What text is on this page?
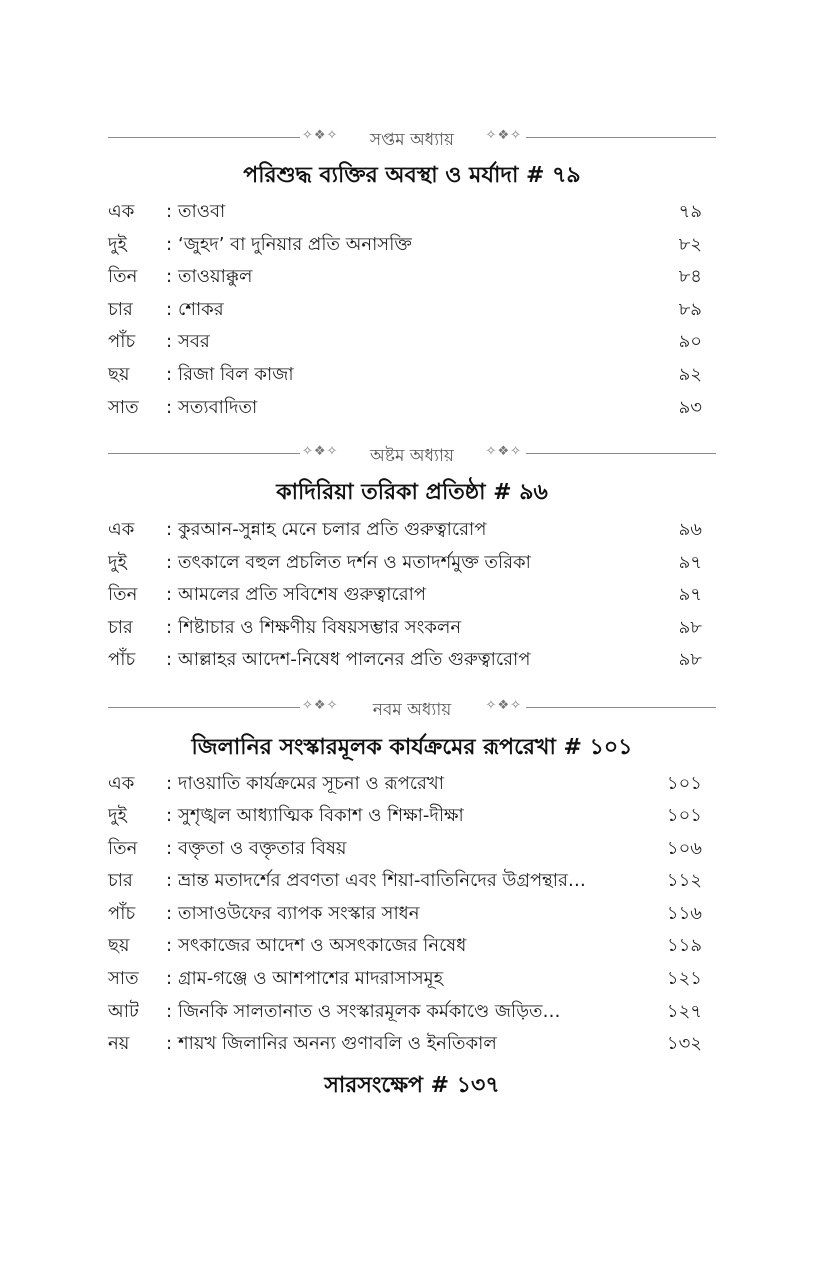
✧❖✧	সপ্তম অধ্যায়	✧❖✧
পরিশুদ্ধ ব্যক্তির অবস্থা ও মর্যাদা # ৭৯
এক : তাওবা	৭৯
দুই : ‘জুহদ’ বা দুনিয়ার প্রতি অনাসক্তি	৮২
তিন : তাওয়াক্কুল	৮৪
চার : শোকর	৮৯
পাঁচ : সবর	৯০
ছয় : রিজা বিল কাজা	৯২
সাত : সত্যবাদিতা	৯৩
✧❖✧	অষ্টম অধ্যায়	✧❖✧
কাদিরিয়া তরিকা প্রতিষ্ঠা # ৯৬
এক : কুরআন-সুন্নাহ মেনে চলার প্রতি গুরুত্বারোপ	৯৬
দুই : তৎকালে বহুল প্রচলিত দর্শন ও মতাদর্শমুক্ত তরিকা	৯৭
তিন : আমলের প্রতি সবিশেষ গুরুত্বারোপ	৯৭
চার : শিষ্টাচার ও শিক্ষণীয় বিষয়সম্ভার সংকলন	৯৮
পাঁচ : আল্লাহর আদেশ-নিষেধ পালনের প্রতি গুরুত্বারোপ	৯৮
✧❖✧	নবম অধ্যায়	✧❖✧
জিলানির সংস্কারমূলক কার্যক্রমের রূপরেখা # ১০১
এক : দাওয়াতি কার্যক্রমের সূচনা ও রূপরেখা	১০১
দুই : সুশৃঙ্খল আধ্যাত্মিক বিকাশ ও শিক্ষা-দীক্ষা	১০১
তিন : বক্তৃতা ও বক্তৃতার বিষয়	১০৬
চার : ভ্রান্ত মতাদর্শের প্রবণতা এবং শিয়া-বাতিনিদের উগ্রপন্থার…	১১২
পাঁচ : তাসাওউফের ব্যাপক সংস্কার সাধন	১১৬
ছয় : সৎকাজের আদেশ ও অসৎকাজের নিষেধ	১১৯
সাত : গ্রাম-গঞ্জে ও আশপাশের মাদরাসাসমূহ	১২১
আট : জিনকি সালতানাত ও সংস্কারমূলক কর্মকাণ্ডে জড়িত…	১২৭
নয় : শায়খ জিলানির অনন্য গুণাবলি ও ইনতিকাল	১৩২
সারসংক্ষেপ # ১৩৭
